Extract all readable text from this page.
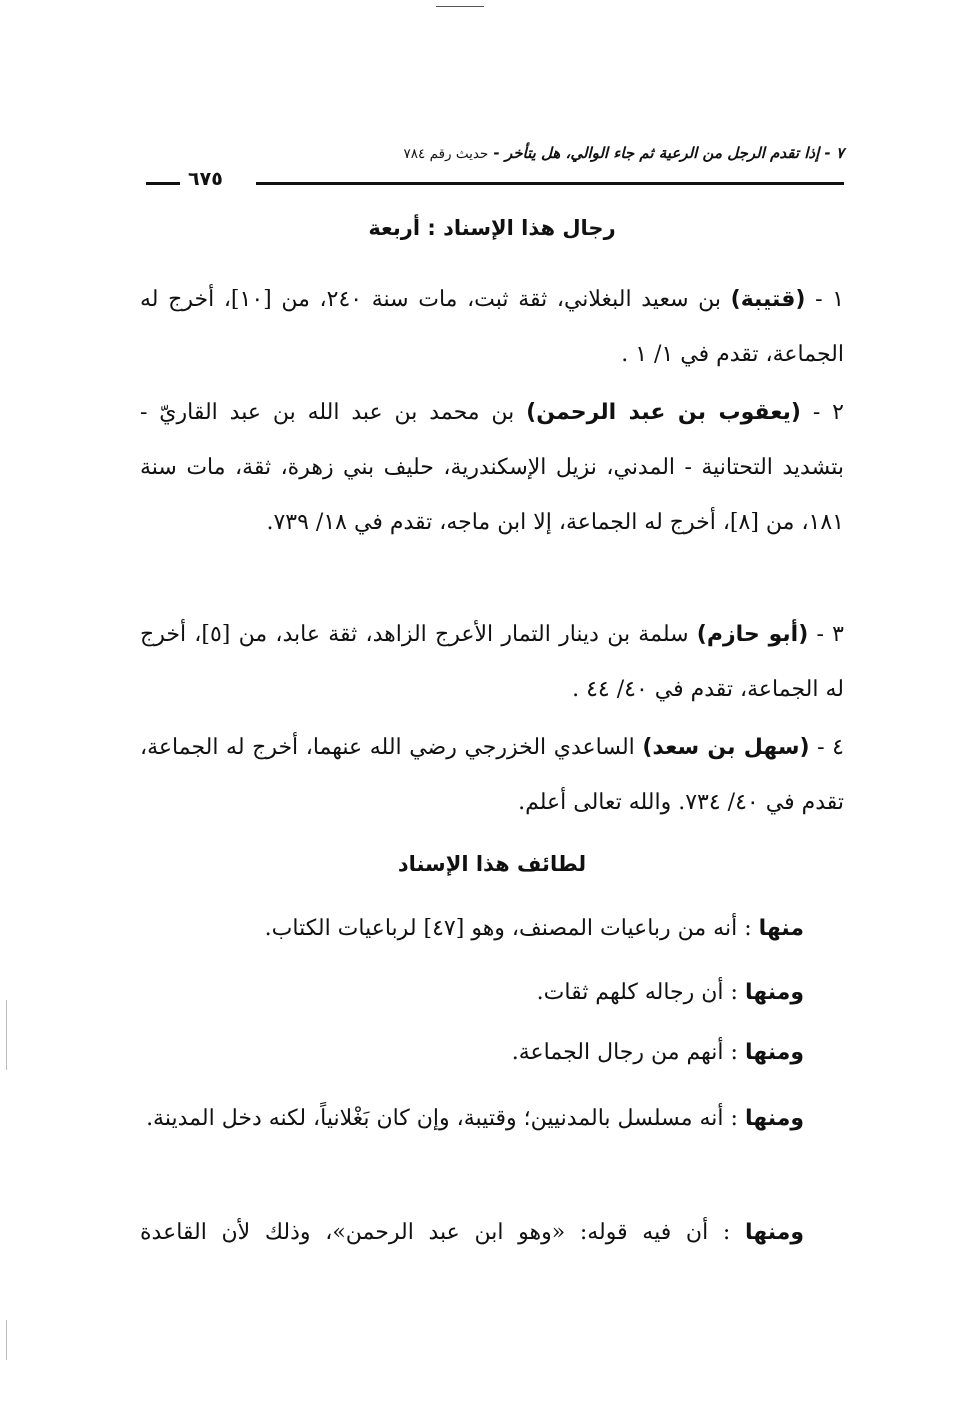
٧ - إذا تقدم الرجل من الرعية ثم جاء الوالي، هل يتأخر - حديث رقم ٧٨٤
٦٧٥
رجال هذا الإسناد : أربعة
١ - (قتيبة) بن سعيد البغلاني، ثقة ثبت، مات سنة ٢٤٠، من [١٠]، أخرج له الجماعة، تقدم في ١/ ١ .
٢ - (يعقوب بن عبد الرحمن) بن محمد بن عبد الله بن عبد القاريّ - بتشديد التحتانية - المدني، نزيل الإسكندرية، حليف بني زهرة، ثقة، مات سنة ١٨١، من [٨]، أخرج له الجماعة، إلا ابن ماجه، تقدم في ١٨/ ٧٣٩.
٣ - (أبو حازم) سلمة بن دينار التمار الأعرج الزاهد، ثقة عابد، من [٥]، أخرج له الجماعة، تقدم في ٤٠/ ٤٤ .
٤ - (سهل بن سعد) الساعدي الخزرجي رضي الله عنهما، أخرج له الجماعة، تقدم في ٤٠/ ٧٣٤. والله تعالى أعلم.
لطائف هذا الإسناد
منها : أنه من رباعيات المصنف، وهو [٤٧] لرباعيات الكتاب.
ومنها : أن رجاله كلهم ثقات.
ومنها : أنهم من رجال الجماعة.
ومنها : أنه مسلسل بالمدنيين؛ وقتيبة، وإن كان بَغْلانياً، لكنه دخل المدينة.
ومنها : أن فيه قوله: «وهو ابن عبد الرحمن»، وذلك لأن القاعدة
